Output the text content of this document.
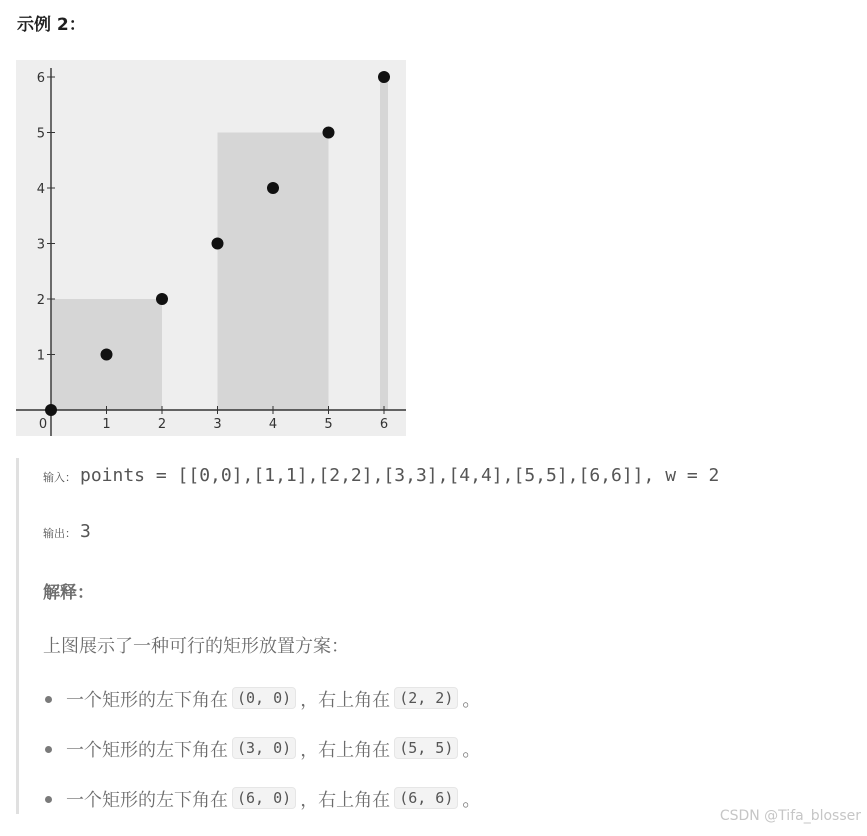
示例 2：
0	1	2	3	4	5	6
1
2
3
4
5
6
输入： points = [[0,0],[1,1],[2,2],[3,3],[4,4],[5,5],[6,6]], w = 2
输出： 3
解释：
上图展示了一种可行的矩形放置方案：
一个矩形的左下角在 (0, 0) ，右上角在 (2, 2) 。
一个矩形的左下角在 (3, 0) ，右上角在 (5, 5) 。
一个矩形的左下角在 (6, 0) ，右上角在 (6, 6) 。
CSDN @Tifa_blosser
